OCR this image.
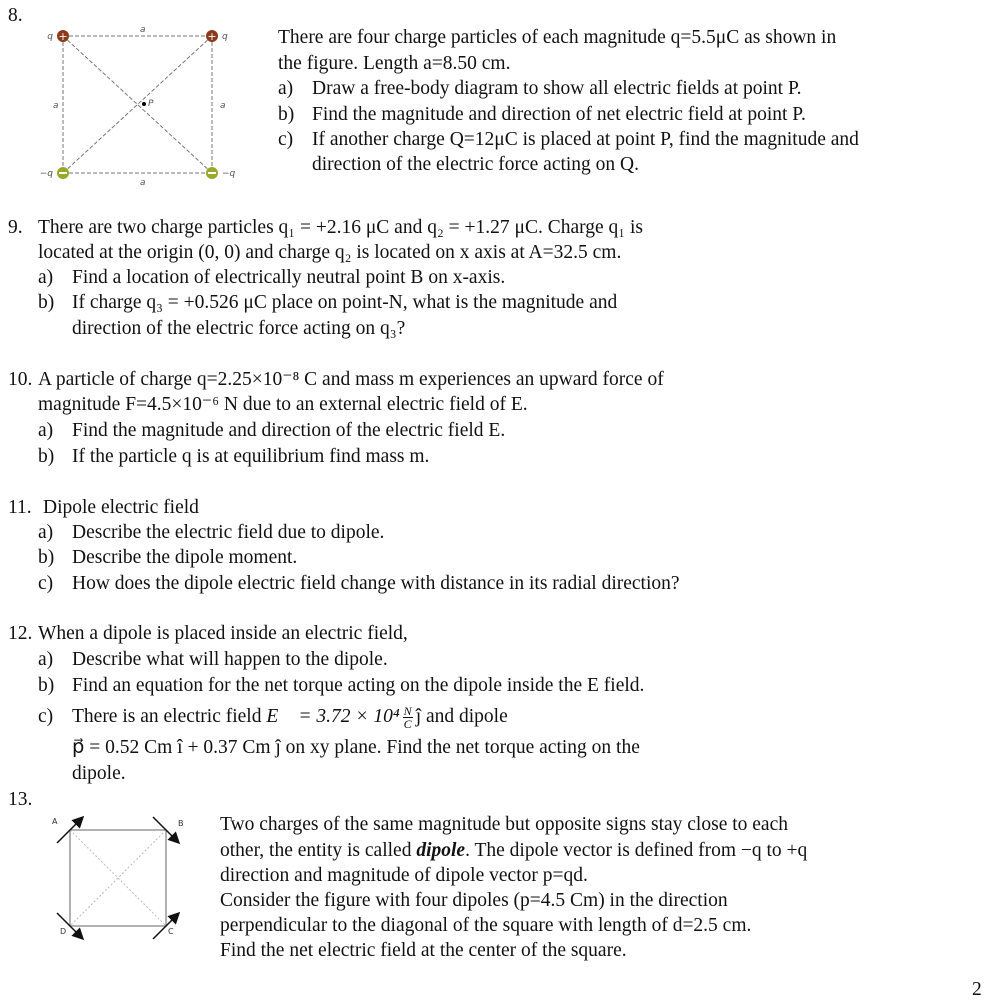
8.
+	+
q	q
−q	−q
a
a
a	a
P
There are four charge particles of each magnitude q=5.5μC as shown in
the figure. Length a=8.50 cm.
a) Draw a free-body diagram to show all electric fields at point P.
b) Find the magnitude and direction of net electric field at point P.
c) If another charge Q=12μC is placed at point P, find the magnitude and
direction of the electric force acting on Q.
9. There are two charge particles q₁ = +2.16 μC and q₂ = +1.27 μC. Charge q₁ is
located at the origin (0, 0) and charge q₂ is located on x axis at A=32.5 cm.
a) Find a location of electrically neutral point B on x-axis.
b) If charge q₃ = +0.526 μC place on point-N, what is the magnitude and
direction of the electric force acting on q₃?
10. A particle of charge q=2.25×10⁻⁸ C and mass m experiences an upward force of
magnitude F=4.5×10⁻⁶ N due to an external electric field of E.
a) Find the magnitude and direction of the electric field E.
b) If the particle q is at equilibrium find mass m.
11. Dipole electric field
a) Describe the electric field due to dipole.
b) Describe the dipole moment.
c) How does the dipole electric field change with distance in its radial direction?
12. When a dipole is placed inside an electric field,
a) Describe what will happen to the dipole.
b) Find an equation for the net torque acting on the dipole inside the E field.
c) There is an electric field E⃗ = $3.72 \times 10^4 \frac{N}{C}$ ĵ and dipole
p⃗ = 0.52 Cm î + 0.37 Cm ĵ on xy plane. Find the net torque acting on the
dipole.
13.
A	B
C
D
Two charges of the same magnitude but opposite signs stay close to each
other, the entity is called dipole. The dipole vector is defined from −q to +q
direction and magnitude of dipole vector p=qd.
Consider the figure with four dipoles (p=4.5 Cm) in the direction
perpendicular to the diagonal of the square with length of d=2.5 cm.
Find the net electric field at the center of the square.
2
